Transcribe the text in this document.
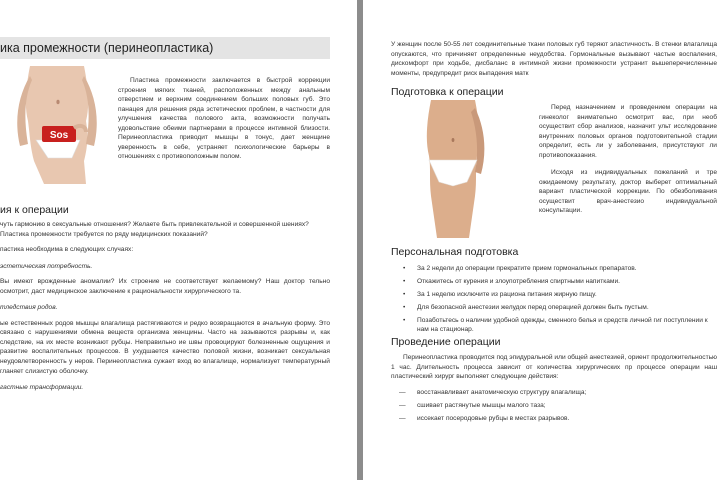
ика промежности (перинеопластика)
Sos

Пластика промежности заключается в быстрой коррекции строения мягких тканей, расположенных между анальным отверстием и верхним соединением больших половых губ. Это панацея для решения ряда эстетических проблем, в частности для улучшения качества полового акта, возможности получать удовольствие обеими партнерами в процессе интимной близости. Перинеопластика приводит мышцы в тонус, дает женщине уверенность в себе, устраняет психологические барьеры в отношениях с противоположным полом.

ия к операции

чуть гармонию в сексуальные отношения? Желаете быть привлекательной и совершенной шениях? Пластика промежности требуется по ряду медицинских показаний?

пастика необходима в следующих случаях:

эстетическая потребность.

Вы имеют врожденные аномалии? Их строение не соответствует желаемому? Наш доктор тельно осмотрит, даст медицинское заключение к рациональности хирургического та.

тледствия родов.

ые естественных родов мышцы влагалища растягиваются и редко возвращаются в ачальную форму. Это связано с нарушениями обмена веществ организма женщины. Часто на зазываются разрывы и, как следствие, на их месте возникают рубцы. Неправильно ие швы провоцируют болезненные ощущения и развитие воспалительных процессов. В ухудшается качество половой жизни, возникает сексуальная неудовлетворенность у неров. Перинеопластика сужает вход во влагалище, нормализует температурный гланяет слизистую оболочку.

гастные трансформации.

У женщин после 50-55 лет соединительные ткани половых губ теряют эластичность. В стенки влагалища опускаются, что причиняет определенные неудобства. Гормональные вызывают частые воспаления, дискомфорт при ходьбе, дисбаланс в интимной жизни промежности устранит вышеперечисленные моменты, предупредит риск выпадения матк

Подготовка к операции

Перед назначением и проведением операции на гинеколог внимательно осмотрит вас, при необ осуществит сбор анализов, назначит ульт исследование внутренних половых органов подготовительной стадии определит, есть ли у заболевания, присутствуют ли противопоказания.

Исходя из индивидуальных пожеланий и тре ожидаемому результату, доктор выберет оптимальный вариант пластической коррекции. По обезболивания осуществит врач-анестезио индивидуальной консультации.

Персональная подготовка
• За 2 недели до операции прекратите прием гормональных препаратов.
• Откажитесь от курения и злоупотребления спиртными напитками.
• За 1 неделю исключите из рациона питания жирную пищу.
• Для безопасной анестезии желудок перед операцией должен быть пустым.
• Позаботьтесь о наличии удобной одежды, сменного белья и средств личной гиг поступлении к нам на стационар.
Проведение операции

Перинеопластика проводится под эпидуральной или общей анестезией, ориент продолжительностью 1 час. Длительность процесса зависит от количества хирургических пр процессе операции наш пластический хирург выполняет следующие действия:

— восстанавливает анатомическую структуру влагалища;
— сшивает растянутые мышцы малого таза;
— иссекает посеродовые рубцы в местах разрывов.
